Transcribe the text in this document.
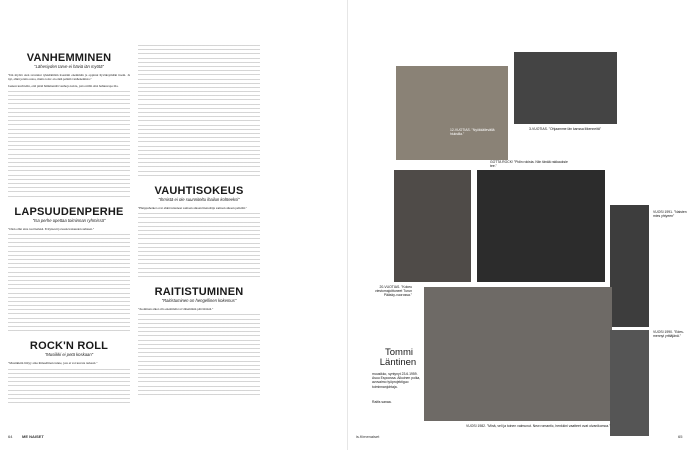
VANHEMMINEN
"Lähesiyden tarve ei häviä iän myötä"

"Iän myötä olen ravennut tykkäämään itsestäni enemmän ja oppinut hyväksymään itseni. Ja nyt, ehkä jotain outoa, mutta totta: en enää pelkää vanhenemista."

Jaakon kuvittelin, että pitää hämmentää vanhoja kuvia, jotta niillä olisi hehkuvapa tila.

LAPSUUDENPERHE
"Isa perhe opettaa toiminnan ryhmissä"

"Olen ollut aina tosi herkkä. Erityisesti ja kuolevaisuuden suhteen."

ROCK'N ROLL
"Musiikki ei petä koskaan"

"Musiikkiin liittyy aina ihmeellinen tunne, jota ei voi kuvata tarkasti."

VAUHTISOKEUS
"Ihmistä ei ole suunniteltu ihailun kohteeksi"

"Huippuhetket ovat ehkä tunteneet samaan aikaan hienoltäja samaan aikaan pelkiltä."

RAITISTUMINEN
"Raitistuminen on hengellinen kokemus"

"Juominen alkoi olla enemmän tai vähemmän päivittäistä."

64 ME NAISET
12-VUOTIAS. "Nyökkäilevällä hiuksilla."
3-VUOTIAS. "Ohjaamme iän kanssa liikenneitä"
GOTTA ROCK! "Pidin rokista. Niin tänää rakkauksie tee."
VUOSI 1991. "Naisten mies yhtyeen"
20-VUOTIAS. "Kokeu viestomajoittuneet Turun Pääsky-vuorossa."
VUOSI 1990. "Edes-mennyt yrittäjänä."
Tommi
Läntinen
muusikko, syntynyt 23.6.1959. Asuu Espoossa. Aikuinen poika, avovaimo työprojektiguo toiminnanjohtaja.
Raitis sanaa.
VUOSI 1982. "Minä, veli ja toinen valmunut. New romantic, henkkini vaatteet ovat olvanikomoa."
is.fi/menaiset	65
